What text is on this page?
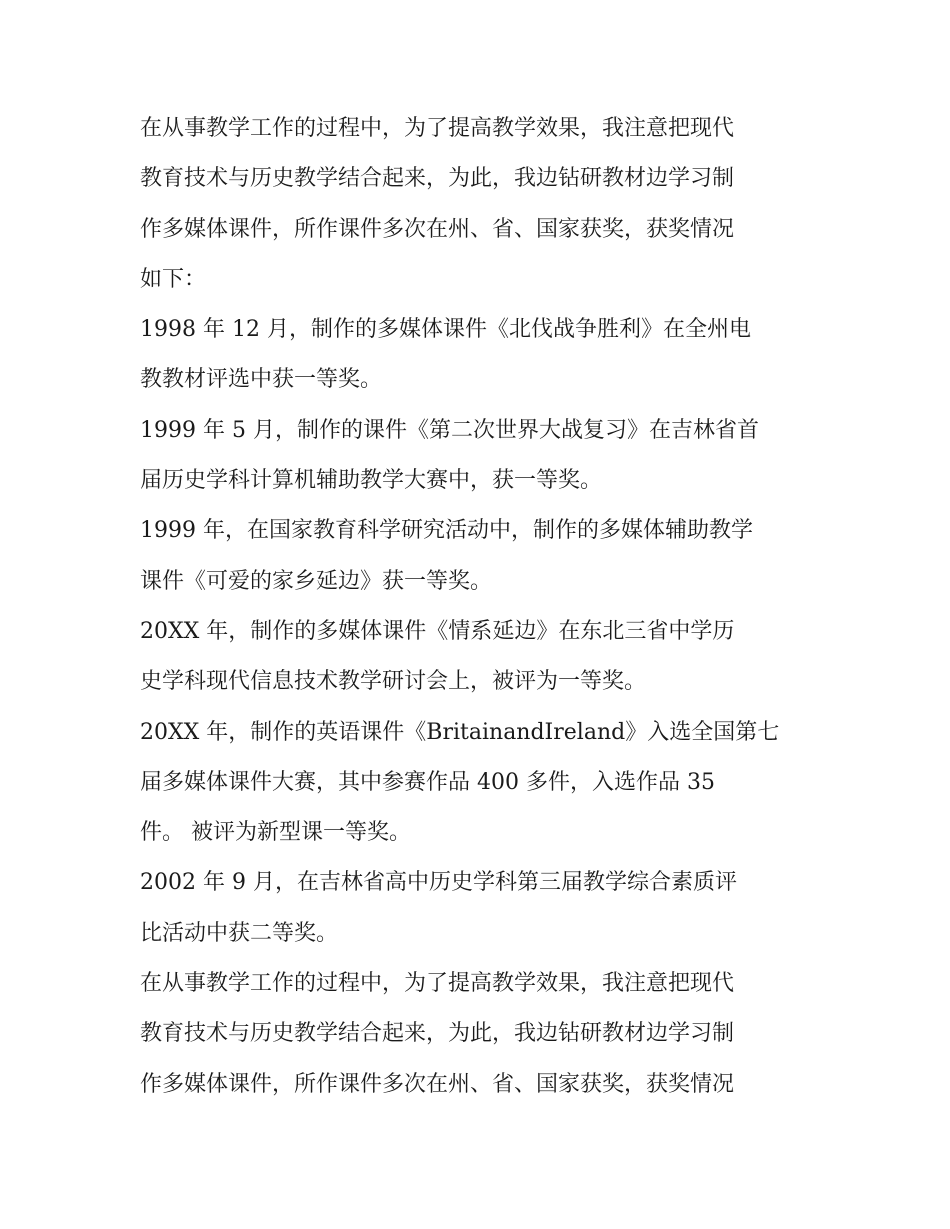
在从事教学工作的过程中，为了提高教学效果，我注意把现代
教育技术与历史教学结合起来，为此，我边钻研教材边学习制
作多媒体课件，所作课件多次在州、省、国家获奖，获奖情况
如下：
1998 年 12 月，制作的多媒体课件《北伐战争胜利》在全州电
教教材评选中获一等奖。
1999 年 5 月，制作的课件《第二次世界大战复习》在吉林省首
届历史学科计算机辅助教学大赛中，获一等奖。
1999 年，在国家教育科学研究活动中，制作的多媒体辅助教学
课件《可爱的家乡延边》获一等奖。
20XX 年，制作的多媒体课件《情系延边》在东北三省中学历
史学科现代信息技术教学研讨会上，被评为一等奖。
20XX 年，制作的英语课件《BritainandIreland》入选全国第七
届多媒体课件大赛，其中参赛作品 400 多件，入选作品 35
件。 被评为新型课一等奖。
2002 年 9 月，在吉林省高中历史学科第三届教学综合素质评
比活动中获二等奖。
在从事教学工作的过程中，为了提高教学效果，我注意把现代
教育技术与历史教学结合起来，为此，我边钻研教材边学习制
作多媒体课件，所作课件多次在州、省、国家获奖，获奖情况
